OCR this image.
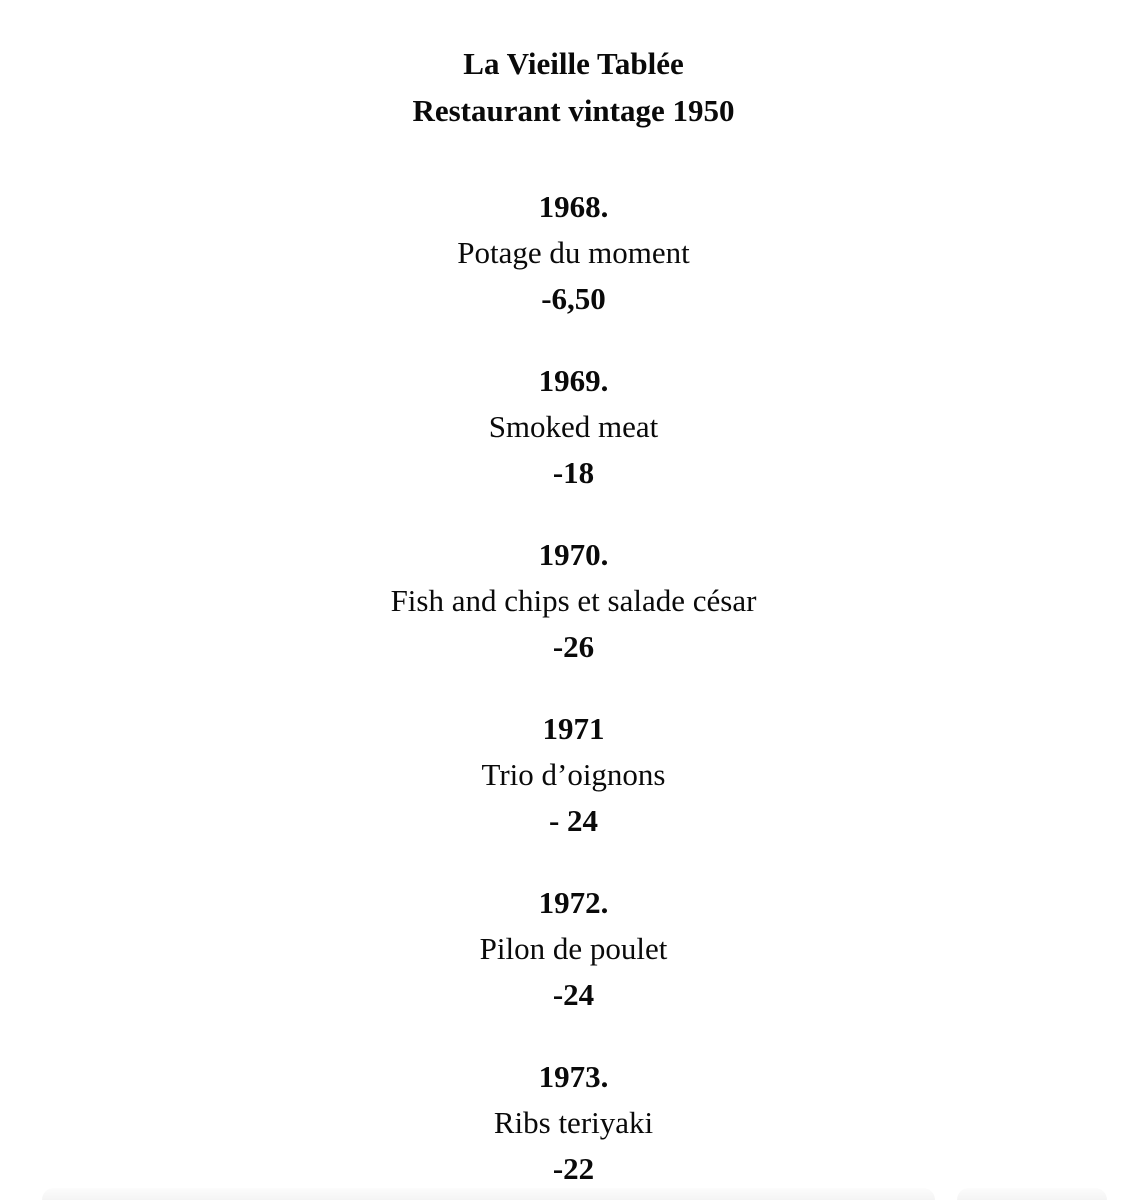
La Vieille Tablée
Restaurant vintage 1950
1968.
Potage du moment
-6,50
1969.
Smoked meat
-18
1970.
Fish and chips et salade césar
-26
1971
Trio d’oignons
- 24
1972.
Pilon de poulet
-24
1973.
Ribs teriyaki
-22
